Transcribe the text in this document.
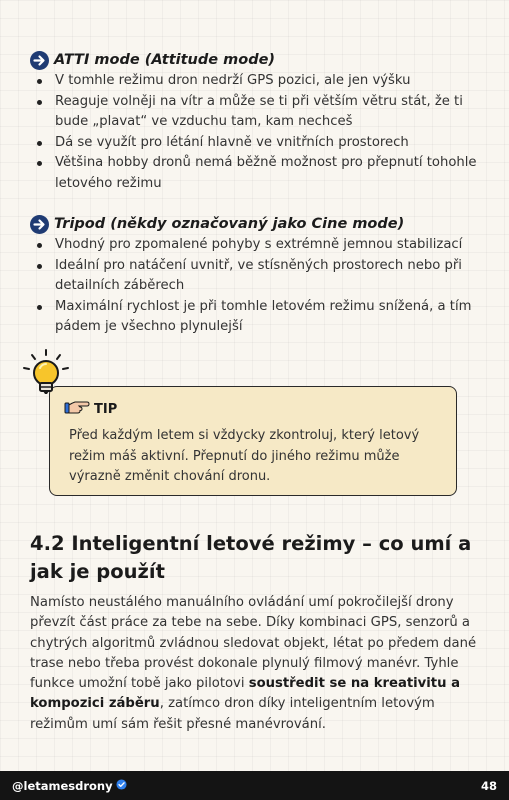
ATTI mode (Attitude mode)
V tomhle režimu dron nedrží GPS pozici, ale jen výšku
Reaguje volněji na vítr a může se ti při větším větru stát, že ti bude „plavat“ ve vzduchu tam, kam nechceš
Dá se využít pro létání hlavně ve vnitřních prostorech
Většina hobby dronů nemá běžně možnost pro přepnutí tohohle letového režimu
Tripod (někdy označovaný jako Cine mode)
Vhodný pro zpomalené pohyby s extrémně jemnou stabilizací
Ideální pro natáčení uvnitř, ve stísněných prostorech nebo při detailních záběrech
Maximální rychlost je při tomhle letovém režimu snížená, a tím pádem je všechno plynulejší
TIP
Před každým letem si vždycky zkontroluj, který letový režim máš aktivní. Přepnutí do jiného režimu může výrazně změnit chování dronu.
4.2 Inteligentní letové režimy – co umí a jak je použít
Namísto neustálého manuálního ovládání umí pokročilejší drony převzít část práce za tebe na sebe. Díky kombinaci GPS, senzorů a chytrých algoritmů zvládnou sledovat objekt, létat po předem dané trase nebo třeba provést dokonale plynulý filmový manévr. Tyhle funkce umožní tobě jako pilotovi soustředit se na kreativitu a kompozici záběru, zatímco dron díky inteligentním letovým režimům umí sám řešit přesné manévrování.
@letamesdrony	48
